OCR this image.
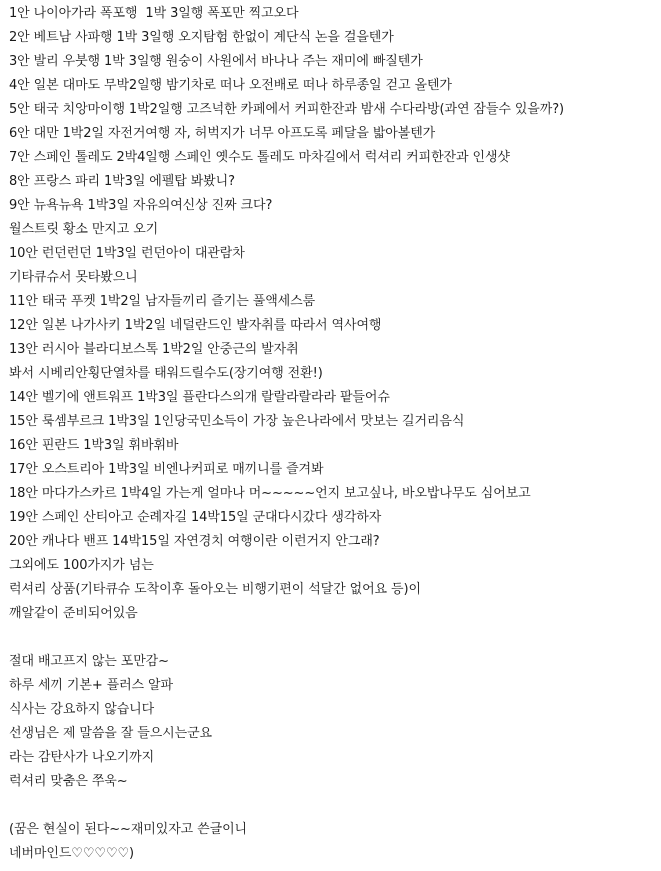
1안 나이아가라 폭포행  1박 3일행 폭포만 찍고오다
2안 베트남 사파행 1박 3일행 오지탐험 한없이 계단식 논을 걸을텐가
3안 발리 우붓행 1박 3일행 원숭이 사원에서 바나나 주는 재미에 빠질텐가
4안 일본 대마도 무박2일행 밤기차로 떠나 오전배로 떠나 하루종일 걷고 올텐가
5안 태국 치앙마이행 1박2일행 고즈넉한 카페에서 커피한잔과 밤새 수다라방(과연 잠들수 있을까?)
6안 대만 1박2일 자전거여행 자, 허벅지가 너무 아프도록 페달을 밟아볼텐가
7안 스페인 톨레도 2박4일행 스페인 옛수도 톨레도 마차길에서 럭셔리 커피한잔과 인생샷
8안 프랑스 파리 1박3일 에펠탑 봐봤니?
9안 뉴욕뉴욕 1박3일 자유의여신상 진짜 크다?
월스트릿 황소 만지고 오기
10안 런던런던 1박3일 런던아이 대관람차
기타큐슈서 못타봤으니
11안 태국 푸켓 1박2일 남자들끼리 즐기는 풀액세스룸
12안 일본 나가사키 1박2일 네덜란드인 발자취를 따라서 역사여행
13안 러시아 블라디보스톡 1박2일 안중근의 발자취
봐서 시베리안횡단열차를 태워드릴수도(장기여행 전환!)
14안 벨기에 앤트워프 1박3일 플란다스의개 랄랄라랄라라 팥들어슈
15안 룩셈부르크 1박3일 1인당국민소득이 가장 높은나라에서 맛보는 길거리음식
16안 핀란드 1박3일 휘바휘바
17안 오스트리아 1박3일 비엔나커피로 매끼니를 즐겨봐
18안 마다가스카르 1박4일 가는게 얼마나 머~~~~~언지 보고싶나, 바오밥나무도 심어보고
19안 스페인 산티아고 순례자길 14박15일 군대다시갔다 생각하자
20안 캐나다 밴프 14박15일 자연경치 여행이란 이런거지 안그래?
그외에도 100가지가 넘는
럭셔리 상품(기타큐슈 도착이후 돌아오는 비행기편이 석달간 없어요 등)이
깨알같이 준비되어있음
절대 배고프지 않는 포만감~
하루 세끼 기본+ 플러스 알파
식사는 강요하지 않습니다
선생님은 제 말씀을 잘 들으시는군요
라는 감탄사가 나오기까지
럭셔리 맞춤은 쭈욱~
(꿈은 현실이 된다~~재미있자고 쓴글이니
네버마인드♡♡♡♡♡)
